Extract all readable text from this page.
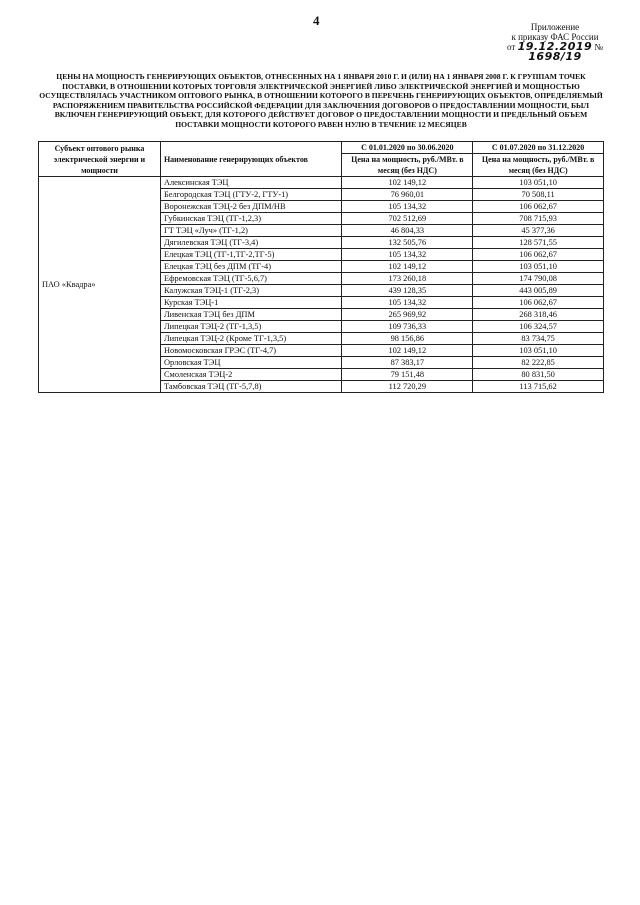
4	Приложение
к приказу ФАС России
от 19.12.2019 № 1698/19
ЦЕНЫ НА МОЩНОСТЬ ГЕНЕРИРУЮЩИХ ОБЪЕКТОВ, ОТНЕСЕННЫХ НА 1 ЯНВАРЯ 2010 Г. И (ИЛИ) НА 1 ЯНВАРЯ 2008 Г. К ГРУППАМ ТОЧЕК ПОСТАВКИ, В ОТНОШЕНИИ КОТОРЫХ ТОРГОВЛЯ ЭЛЕКТРИЧЕСКОЙ ЭНЕРГИЕЙ ЛИБО ЭЛЕКТРИЧЕСКОЙ ЭНЕРГИЕЙ И МОЩНОСТЬЮ ОСУЩЕСТВЛЯЛАСЬ УЧАСТНИКОМ ОПТОВОГО РЫНКА, В ОТНОШЕНИИ КОТОРОГО В ПЕРЕЧЕНЬ ГЕНЕРИРУЮЩИХ ОБЪЕКТОВ, ОПРЕДЕЛЯЕМЫЙ РАСПОРЯЖЕНИЕМ ПРАВИТЕЛЬСТВА РОССИЙСКОЙ ФЕДЕРАЦИИ ДЛЯ ЗАКЛЮЧЕНИЯ ДОГОВОРОВ О ПРЕДОСТАВЛЕНИИ МОЩНОСТИ, БЫЛ ВКЛЮЧЕН ГЕНЕРИРУЮЩИЙ ОБЪЕКТ, ДЛЯ КОТОРОГО ДЕЙСТВУЕТ ДОГОВОР О ПРЕДОСТАВЛЕНИИ МОЩНОСТИ И ПРЕДЕЛЬНЫЙ ОБЪЕМ ПОСТАВКИ МОЩНОСТИ КОТОРОГО РАВЕН НУЛЮ В ТЕЧЕНИЕ 12 МЕСЯЦЕВ
Субъект оптового рынка электрической энергии и мощности	Наименование генерирующих объектов	С 01.01.2020 по 30.06.2020	С 01.07.2020 по 31.12.2020
		Цена на мощность, руб./МВт. в месяц (без НДС)	Цена на мощность, руб./МВт. в месяц (без НДС)
ПАО «Квадра»	Алексинская ТЭЦ	102 149,12	103 051,10
	Белгородская ТЭЦ (ГТУ-2, ГТУ-1)	76 960,01	70 508,11
	Воронежская ТЭЦ-2 без ДПМ/НВ	105 134,32	106 062,67
	Губкинская ТЭЦ (ТГ-1,2,3)	702 512,69	708 715,93
	ГТ ТЭЦ «Луч» (ТГ-1,2)	46 804,33	45 377,36
	Дягилевская ТЭЦ (ТГ-3,4)	132 505,76	128 571,55
	Елецкая ТЭЦ (ТГ-1,ТГ-2,ТГ-5)	105 134,32	106 062,67
	Елецкая ТЭЦ без ДПМ (ТГ-4)	102 149,12	103 051,10
	Ефремовская ТЭЦ (ТГ-5,6,7)	173 260,18	174 790,08
	Калужская ТЭЦ-1 (ТГ-2,3)	439 128,35	443 005,89
	Курская ТЭЦ-1	105 134,32	106 062,67
	Ливенская ТЭЦ без ДПМ	265 969,92	268 318,46
	Липецкая ТЭЦ-2 (ТГ-1,3,5)	109 736,33	106 324,57
	Липецкая ТЭЦ-2 (Кроме ТГ-1,3,5)	98 156,86	83 734,75
	Новомосковская ГРЭС (ТГ-4,7)	102 149,12	103 051,10
	Орловская ТЭЦ	87 383,17	82 222,85
	Смоленская ТЭЦ-2	79 151,48	80 831,50
	Тамбовская ТЭЦ (ТГ-5,7,8)	112 720,29	113 715,62
